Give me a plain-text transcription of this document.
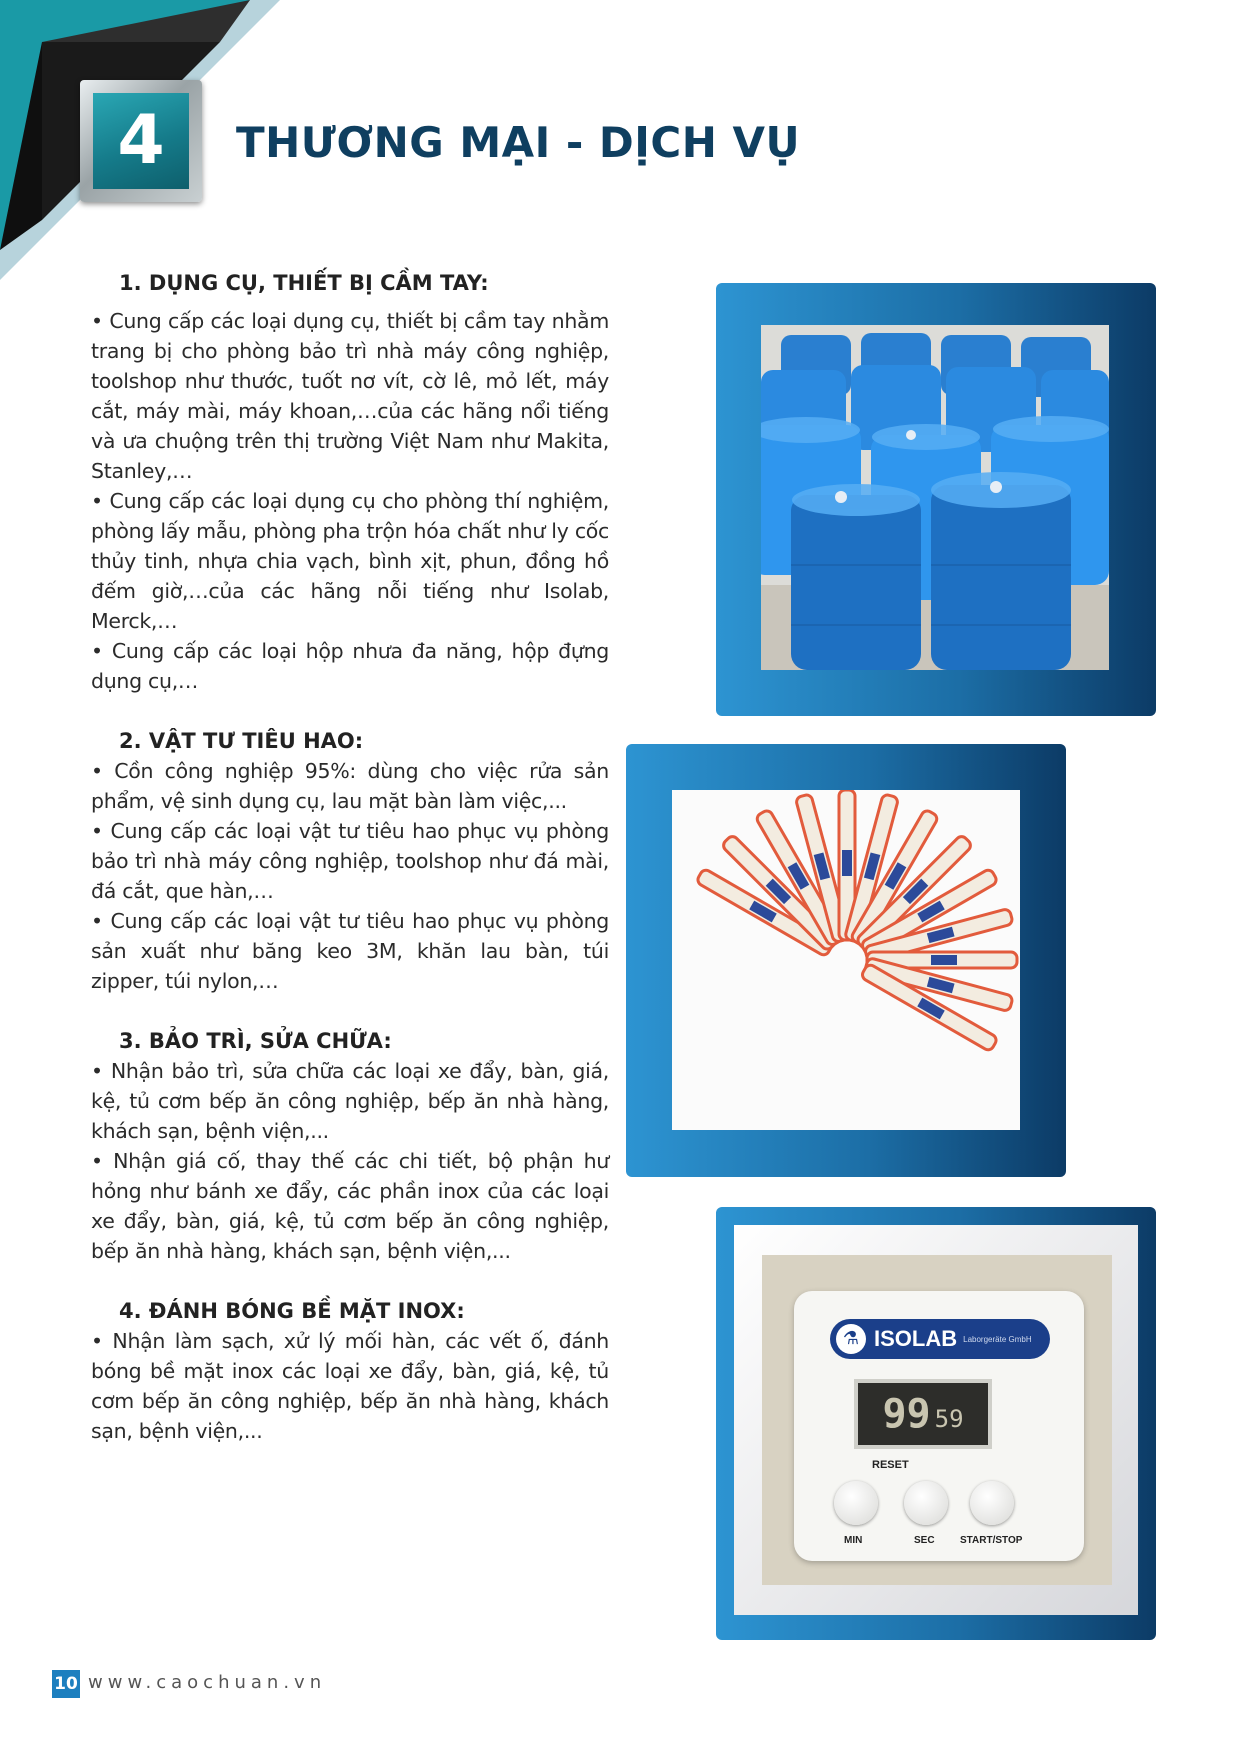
4 THƯƠNG MẠI - DỊCH VỤ
1. DỤNG CỤ, THIẾT BỊ CẦM TAY:

• Cung cấp các loại dụng cụ, thiết bị cầm tay nhằm trang bị cho phòng bảo trì nhà máy công nghiệp, toolshop như thước, tuốt nơ vít, cờ lê, mỏ lết, máy cắt, máy mài, máy khoan,…của các hãng nổi tiếng và ưa chuộng trên thị trường Việt Nam như Makita, Stanley,…

• Cung cấp các loại dụng cụ cho phòng thí nghiệm, phòng lấy mẫu, phòng pha trộn hóa chất như ly cốc thủy tinh, nhựa chia vạch, bình xịt, phun, đồng hồ đếm giờ,…của các hãng nỗi tiếng như Isolab, Merck,…

• Cung cấp các loại hộp nhưa đa năng, hộp đựng dụng cụ,…

2. VẬT TƯ TIÊU HAO:

• Cồn công nghiệp 95%: dùng cho việc rửa sản phẩm, vệ sinh dụng cụ, lau mặt bàn làm việc,...

• Cung cấp các loại vật tư tiêu hao phục vụ phòng bảo trì nhà máy công nghiệp, toolshop như đá mài, đá cắt, que hàn,…

• Cung cấp các loại vật tư tiêu hao phục vụ phòng sản xuất như băng keo 3M, khăn lau bàn, túi zipper, túi nylon,…

3. BẢO TRÌ, SỬA CHỮA:

• Nhận bảo trì, sửa chữa các loại xe đẩy, bàn, giá, kệ, tủ cơm bếp ăn công nghiệp, bếp ăn nhà hàng, khách sạn, bệnh viện,...

• Nhận giá cố, thay thế các chi tiết, bộ phận hư hỏng như bánh xe đẩy, các phần inox của các loại xe đẩy, bàn, giá, kệ, tủ cơm bếp ăn công nghiệp, bếp ăn nhà hàng, khách sạn, bệnh viện,...

4. ĐÁNH BÓNG BỀ MẶT INOX:

• Nhận làm sạch, xử lý mối hàn, các vết ố, đánh bóng bề mặt inox các loại xe đẩy, bàn, giá, kệ, tủ cơm bếp ăn công nghiệp, bếp ăn nhà hàng, khách sạn, bệnh viện,...

⚗ ISOLAB Laborgeräte GmbH
99 59
RESET
MIN	SEC	START/STOP
10 www.caochuan.vn
